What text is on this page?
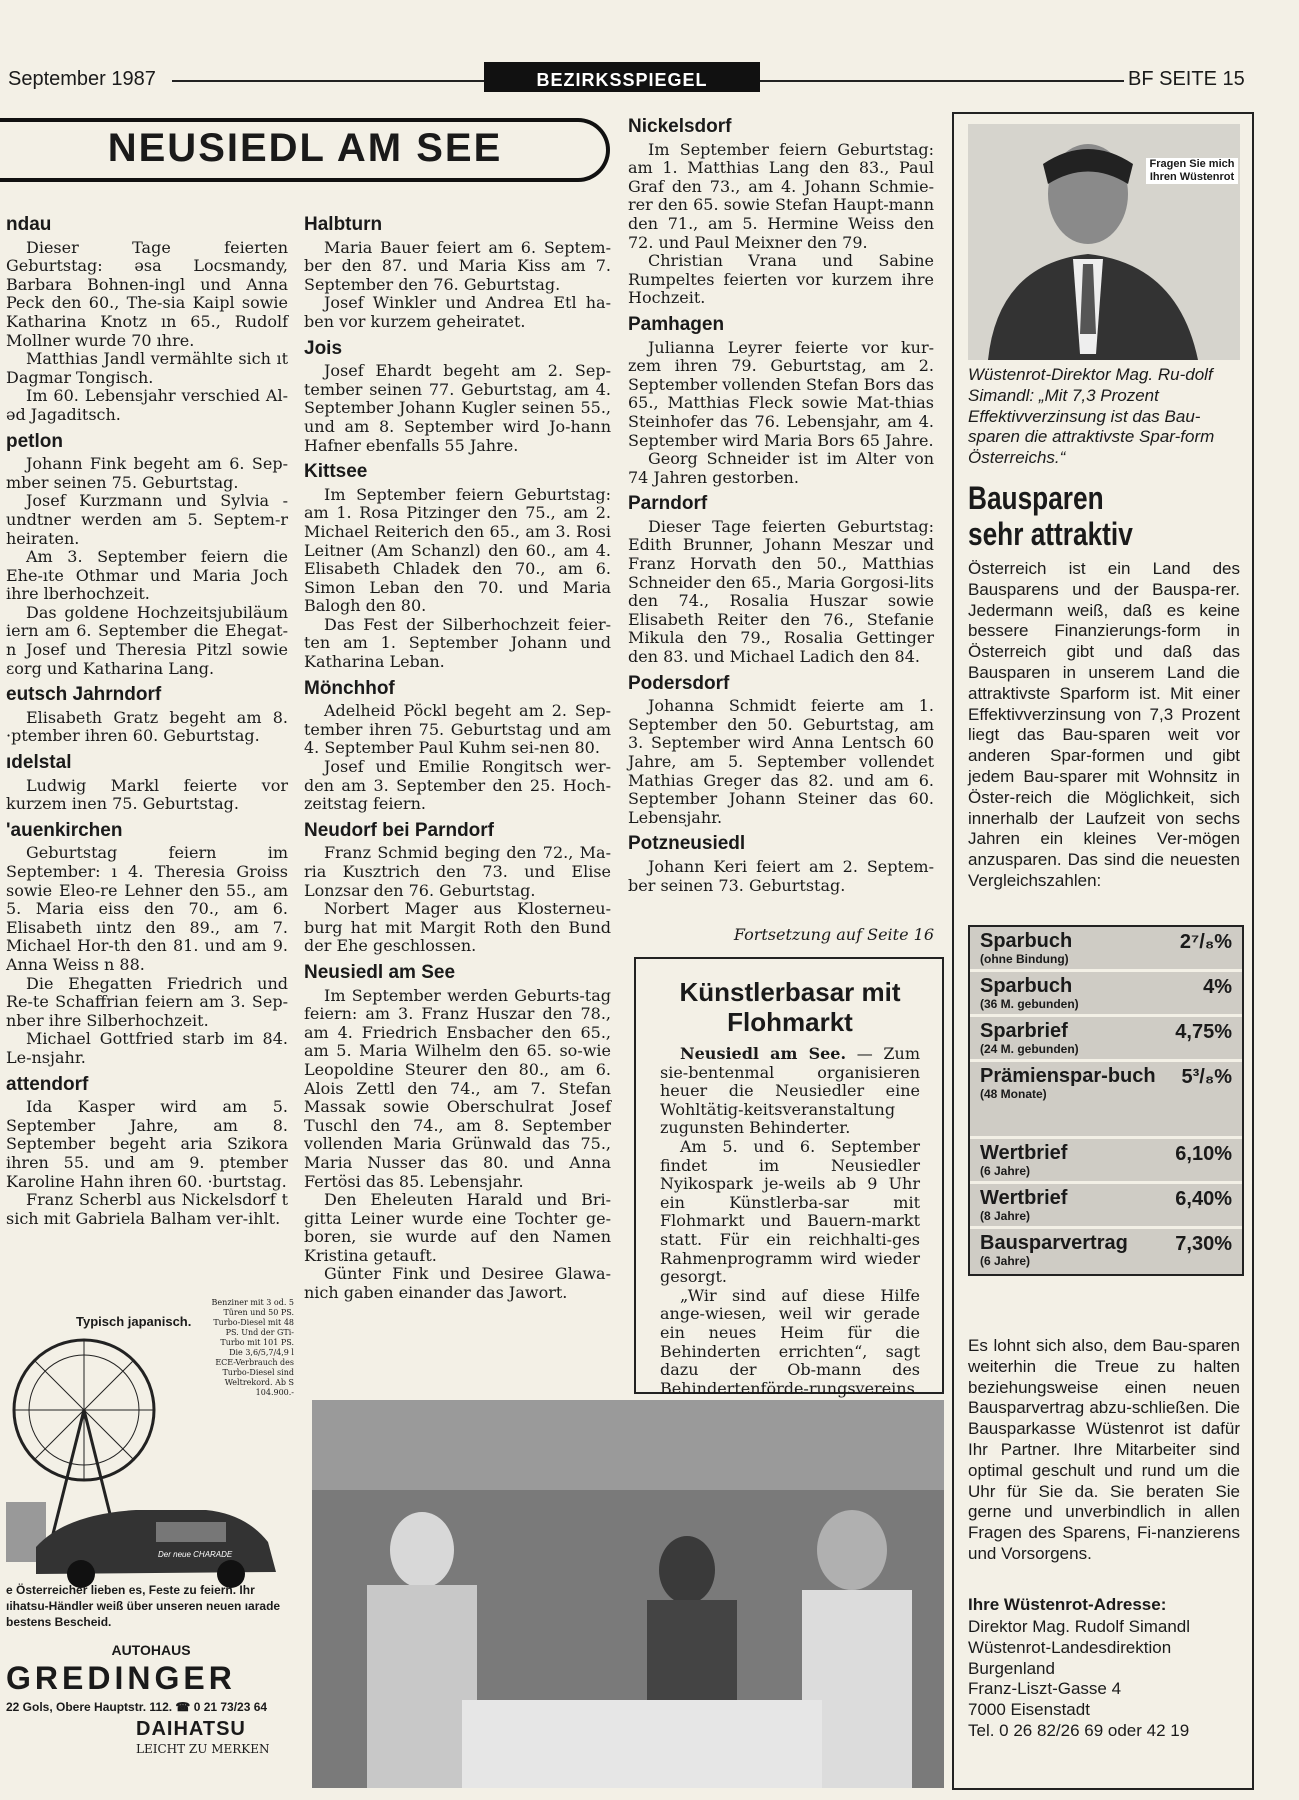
September 1987	BEZIRKSSPIEGEL	BF SEITE 15
NEUSIEDL AM SEE
ndau

Dieser Tage feierten Geburtstag: əsa Locsmandy, Barbara Bohnen-ingl und Anna Peck den 60., The-sia Kaipl sowie Katharina Knotz ın 65., Rudolf Mollner wurde 70 ıhre.

Matthias Jandl vermählte sich ıt Dagmar Tongisch.

Im 60. Lebensjahr verschied Al-əd Jagaditsch.

petlon

Johann Fink begeht am 6. Sep-mber seinen 75. Geburtstag.

Josef Kurzmann und Sylvia -undtner werden am 5. Septem-r heiraten.

Am 3. September feiern die Ehe-ıte Othmar und Maria Joch ihre lberhochzeit.

Das goldene Hochzeitsjubiläum iern am 6. September die Ehegat-n Josef und Theresia Pitzl sowie ɛorg und Katharina Lang.

eutsch Jahrndorf

Elisabeth Gratz begeht am 8. ·ptember ihren 60. Geburtstag.

ıdelstal

Ludwig Markl feierte vor kurzem inen 75. Geburtstag.

'auenkirchen

Geburtstag feiern im September: ı 4. Theresia Groiss sowie Eleo-re Lehner den 55., am 5. Maria eiss den 70., am 6. Elisabeth ıintz den 89., am 7. Michael Hor-th den 81. und am 9. Anna Weiss n 88.

Die Ehegatten Friedrich und Re-te Schaffrian feiern am 3. Sep-nber ihre Silberhochzeit.

Michael Gottfried starb im 84. Le-nsjahr.

attendorf

Ida Kasper wird am 5. September Jahre, am 8. September begeht aria Szikora ihren 55. und am 9. ptember Karoline Hahn ihren 60. ·burtstag.

Franz Scherbl aus Nickelsdorf t sich mit Gabriela Balham ver-ihlt.

Halbturn

Maria Bauer feiert am 6. Septem-ber den 87. und Maria Kiss am 7. September den 76. Geburtstag.

Josef Winkler und Andrea Etl ha-ben vor kurzem geheiratet.

Jois

Josef Ehardt begeht am 2. Sep-tember seinen 77. Geburtstag, am 4. September Johann Kugler seinen 55., und am 8. September wird Jo-hann Hafner ebenfalls 55 Jahre.

Kittsee

Im September feiern Geburtstag: am 1. Rosa Pitzinger den 75., am 2. Michael Reiterich den 65., am 3. Rosi Leitner (Am Schanzl) den 60., am 4. Elisabeth Chladek den 70., am 6. Simon Leban den 70. und Maria Balogh den 80.

Das Fest der Silberhochzeit feier-ten am 1. September Johann und Katharina Leban.

Mönchhof

Adelheid Pöckl begeht am 2. Sep-tember ihren 75. Geburtstag und am 4. September Paul Kuhm sei-nen 80.

Josef und Emilie Rongitsch wer-den am 3. September den 25. Hoch-zeitstag feiern.

Neudorf bei Parndorf

Franz Schmid beging den 72., Ma-ria Kusztrich den 73. und Elise Lonzsar den 76. Geburtstag.

Norbert Mager aus Klosterneu-burg hat mit Margit Roth den Bund der Ehe geschlossen.

Neusiedl am See

Im September werden Geburts-tag feiern: am 3. Franz Huszar den 78., am 4. Friedrich Ensbacher den 65., am 5. Maria Wilhelm den 65. so-wie Leopoldine Steurer den 80., am 6. Alois Zettl den 74., am 7. Stefan Massak sowie Oberschulrat Josef Tuschl den 74., am 8. September vollenden Maria Grünwald das 75., Maria Nusser das 80. und Anna Fertösi das 85. Lebensjahr.

Den Eheleuten Harald und Bri-gitta Leiner wurde eine Tochter ge-boren, sie wurde auf den Namen Kristina getauft.

Günter Fink und Desiree Glawa-nich gaben einander das Jawort.

Nickelsdorf

Im September feiern Geburtstag: am 1. Matthias Lang den 83., Paul Graf den 73., am 4. Johann Schmie-rer den 65. sowie Stefan Haupt-mann den 71., am 5. Hermine Weiss den 72. und Paul Meixner den 79.

Christian Vrana und Sabine Rumpeltes feierten vor kurzem ihre Hochzeit.

Pamhagen

Julianna Leyrer feierte vor kur-zem ihren 79. Geburtstag, am 2. September vollenden Stefan Bors das 65., Matthias Fleck sowie Mat-thias Steinhofer das 76. Lebensjahr, am 4. September wird Maria Bors 65 Jahre.

Georg Schneider ist im Alter von 74 Jahren gestorben.

Parndorf

Dieser Tage feierten Geburtstag: Edith Brunner, Johann Meszar und Franz Horvath den 50., Matthias Schneider den 65., Maria Gorgosi-lits den 74., Rosalia Huszar sowie Elisabeth Reiter den 76., Stefanie Mikula den 79., Rosalia Gettinger den 83. und Michael Ladich den 84.

Podersdorf

Johanna Schmidt feierte am 1. September den 50. Geburtstag, am 3. September wird Anna Lentsch 60 Jahre, am 5. September vollendet Mathias Greger das 82. und am 6. September Johann Steiner das 60. Lebensjahr.

Potzneusiedl

Johann Keri feiert am 2. Septem-ber seinen 73. Geburtstag.

Fortsetzung auf Seite 16
Künstlerbasar mit Flohmarkt

Neusiedl am See. — Zum sie-bentenmal organisieren heuer die Neusiedler eine Wohltätig-keitsveranstaltung zugunsten Behinderter.

Am 5. und 6. September findet im Neusiedler Nyikospark je-weils ab 9 Uhr ein Künstlerba-sar mit Flohmarkt und Bauern-markt statt. Für ein reichhalti-ges Rahmenprogramm wird wieder gesorgt.

„Wir sind auf diese Hilfe ange-wiesen, weil wir gerade ein neues Heim für die Behinderten errichten“, sagt dazu der Ob-mann des Behindertenförde-rungsvereins

Typisch japanisch.
Benziner mit 3 od. 5 Türen und 50 PS. Turbo-Diesel mit 48 PS. Und der GTi-Turbo mit 101 PS. Die 3,6/5,7/4,9 l ECE-Verbrauch des Turbo-Diesel sind Weltrekord. Ab S 104.900.-
Der neue CHARADE
e Österreicher lieben es, Feste zu feiern. Ihr ıihatsu-Händler weiß über unseren neuen ıarade bestens Bescheid.
AUTOHAUS
GREDINGER
22 Gols, Obere Hauptstr. 112. ☎ 0 21 73/23 64
DAIHATSU
LEICHT ZU MERKEN
Fragen Sie mich Ihren Wüstenrot
Wüstenrot-Direktor Mag. Ru-dolf Simandl: „Mit 7,3 Prozent Effektivverzinsung ist das Bau-sparen die attraktivste Spar-form Österreichs.“
Bausparen
sehr attraktiv
Österreich ist ein Land des Bausparens und der Bauspa-rer. Jedermann weiß, daß es keine bessere Finanzierungs-form in Österreich gibt und daß das Bausparen in unserem Land die attraktivste Sparform ist. Mit einer Effektivverzinsung von 7,3 Prozent liegt das Bau-sparen weit vor anderen Spar-formen und gibt jedem Bau-sparer mit Wohnsitz in Öster-reich die Möglichkeit, sich innerhalb der Laufzeit von sechs Jahren ein kleines Ver-mögen anzusparen. Das sind die neuesten Vergleichszahlen:
Sparbuch
(ohne Bindung)
2⁷/₈%
Sparbuch
(36 M. gebunden)
4%
Sparbrief
(24 M. gebunden)
4,75%
Prämienspar-buch
(48 Monate)
5³/₈%
Wertbrief
(6 Jahre)
6,10%
Wertbrief
(8 Jahre)
6,40%
Bausparvertrag
(6 Jahre)
7,30%
Es lohnt sich also, dem Bau-sparen weiterhin die Treue zu halten beziehungsweise einen neuen Bausparvertrag abzu-schließen. Die Bausparkasse Wüstenrot ist dafür Ihr Partner. Ihre Mitarbeiter sind optimal geschult und rund um die Uhr für Sie da. Sie beraten Sie gerne und unverbindlich in allen Fragen des Sparens, Fi-nanzierens und Vorsorgens.
Ihre Wüstenrot-Adresse:
Direktor Mag. Rudolf Simandl
Wüstenrot-Landesdirektion
Burgenland
Franz-Liszt-Gasse 4
7000 Eisenstadt
Tel. 0 26 82/26 69 oder 42 19
